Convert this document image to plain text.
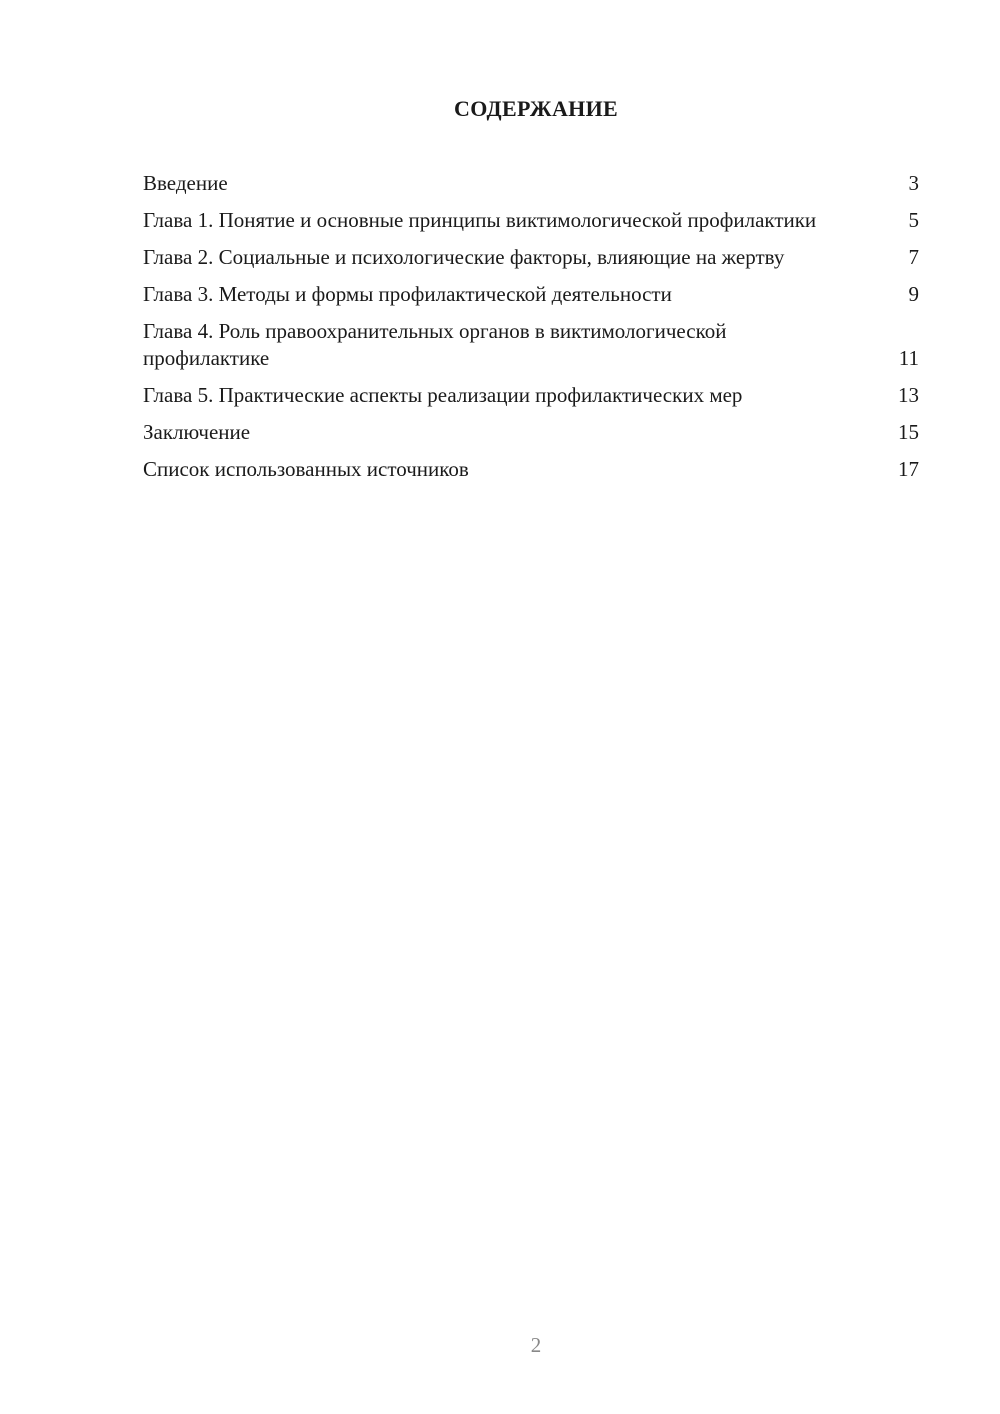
СОДЕРЖАНИЕ
Введение	3
Глава 1. Понятие и основные принципы виктимологической профилактики	5
Глава 2. Социальные и психологические факторы, влияющие на жертву	7
Глава 3. Методы и формы профилактической деятельности	9
Глава 4. Роль правоохранительных органов в виктимологической профилактике	11
Глава 5. Практические аспекты реализации профилактических мер	13
Заключение	15
Список использованных источников	17
2
